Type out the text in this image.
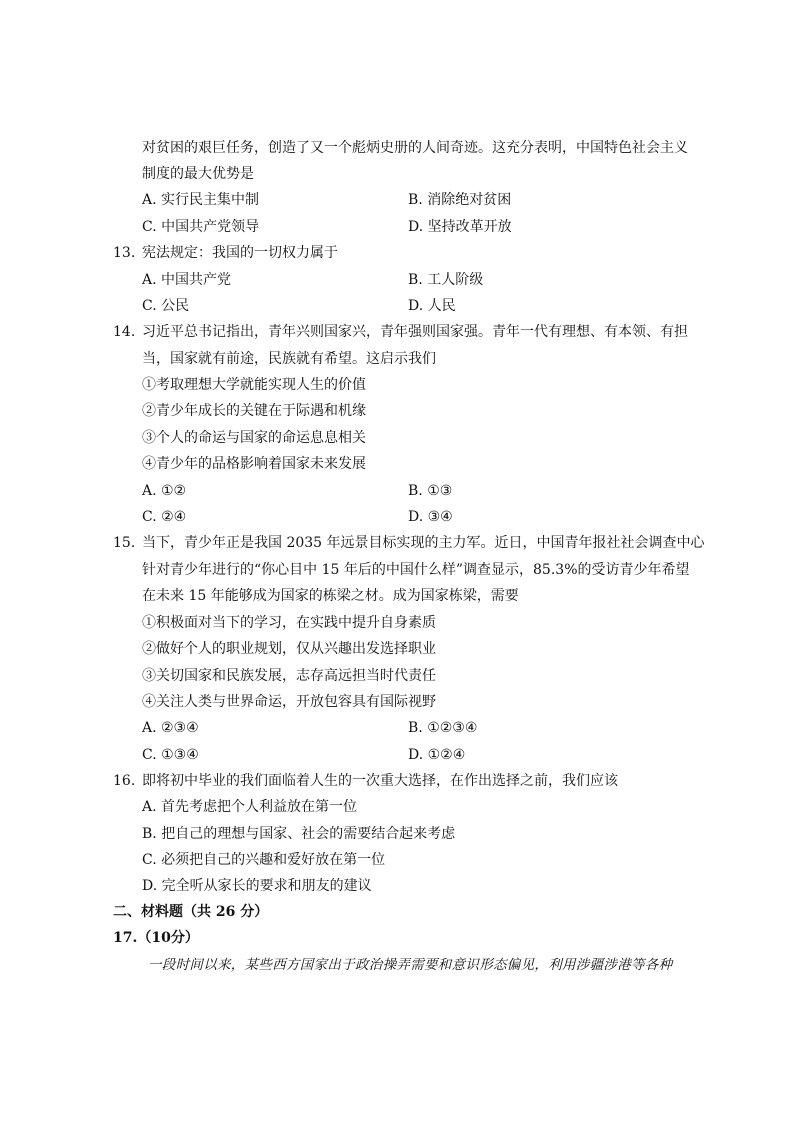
对贫困的艰巨任务，创造了又一个彪炳史册的人间奇迹。这充分表明，中国特色社会主义
制度的最大优势是
A. 实行民主集中制	B. 消除绝对贫困
C. 中国共产党领导	D. 坚持改革开放
13. 宪法规定：我国的一切权力属于
A. 中国共产党	B. 工人阶级
C. 公民	D. 人民
14. 习近平总书记指出，青年兴则国家兴，青年强则国家强。青年一代有理想、有本领、有担
当，国家就有前途，民族就有希望。这启示我们
①考取理想大学就能实现人生的价值
②青少年成长的关键在于际遇和机缘
③个人的命运与国家的命运息息相关
④青少年的品格影响着国家未来发展
A. ①②	B. ①③
C. ②④	D. ③④
15. 当下，青少年正是我国 2035 年远景目标实现的主力军。近日，中国青年报社社会调查中心
针对青少年进行的“你心目中 15 年后的中国什么样”调查显示，85.3%的受访青少年希望
在未来 15 年能够成为国家的栋梁之材。成为国家栋梁，需要
①积极面对当下的学习，在实践中提升自身素质
②做好个人的职业规划，仅从兴趣出发选择职业
③关切国家和民族发展，志存高远担当时代责任
④关注人类与世界命运，开放包容具有国际视野
A. ②③④	B. ①②③④
C. ①③④	D. ①②④
16. 即将初中毕业的我们面临着人生的一次重大选择，在作出选择之前，我们应该
A. 首先考虑把个人利益放在第一位
B. 把自己的理想与国家、社会的需要结合起来考虑
C. 必须把自己的兴趣和爱好放在第一位
D. 完全听从家长的要求和朋友的建议
二、材料题（共 26 分）
17.（10分）
一段时间以来，某些西方国家出于政治操弄需要和意识形态偏见，利用涉疆涉港等各种
